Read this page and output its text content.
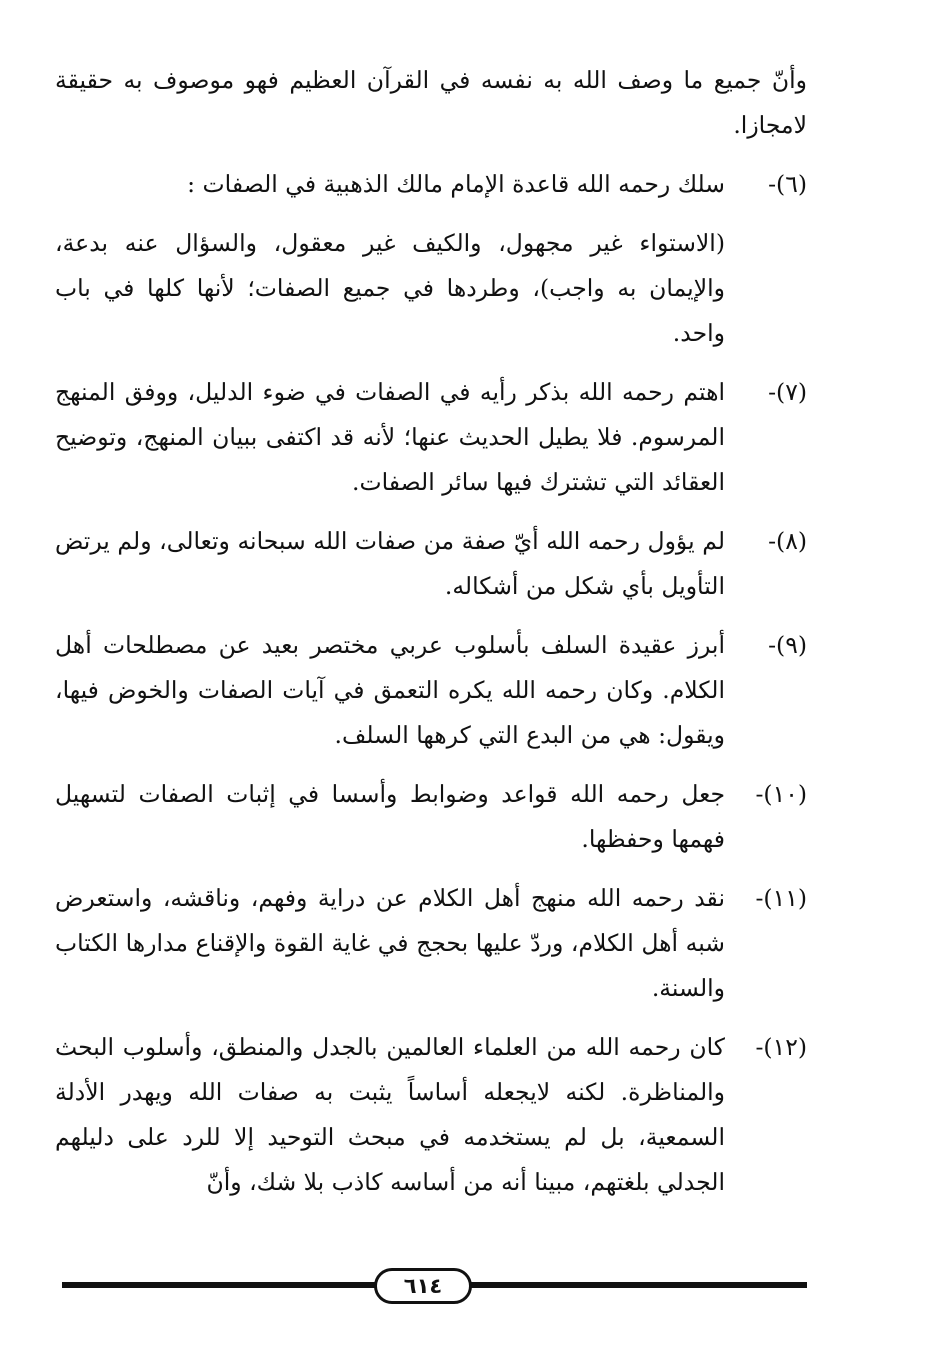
وأنّ جميع ما وصف الله به نفسه في القرآن العظيم فهو موصوف به حقيقة لامجازا.

(٦)-
سلك رحمه الله قاعدة الإمام مالك الذهبية في الصفات :

(الاستواء غير مجهول، والكيف غير معقول، والسؤال عنه بدعة، والإيمان به واجب)، وطردها في جميع الصفات؛ لأنها كلها في باب واحد.

(٧)-
اهتم رحمه الله بذكر رأيه في الصفات في ضوء الدليل، ووفق المنهج المرسوم. فلا يطيل الحديث عنها؛ لأنه قد اكتفى ببيان المنهج، وتوضيح العقائد التي تشترك فيها سائر الصفات.
(٨)-
لم يؤول رحمه الله أيّ صفة من صفات الله سبحانه وتعالى، ولم يرتض التأويل بأي شكل من أشكاله.
(٩)-
أبرز عقيدة السلف بأسلوب عربي مختصر بعيد عن مصطلحات أهل الكلام. وكان رحمه الله يكره التعمق في آيات الصفات والخوض فيها، ويقول: هي من البدع التي كرهها السلف.
(١٠)-
جعل رحمه الله قواعد وضوابط وأسسا في إثبات الصفات لتسهيل فهمها وحفظها.
(١١)-
نقد رحمه الله منهج أهل الكلام عن دراية وفهم، وناقشه، واستعرض شبه أهل الكلام، وردّ عليها بحجج في غاية القوة والإقناع مدارها الكتاب والسنة.
(١٢)-
كان رحمه الله من العلماء العالمين بالجدل والمنطق، وأسلوب البحث والمناظرة. لكنه لايجعله أساساً يثبت به صفات الله ويهدر الأدلة السمعية، بل لم يستخدمه في مبحث التوحيد إلا للرد على دليلهم الجدلي بلغتهم، مبينا أنه من أساسه كاذب بلا شك، وأنّ
٦١٤
